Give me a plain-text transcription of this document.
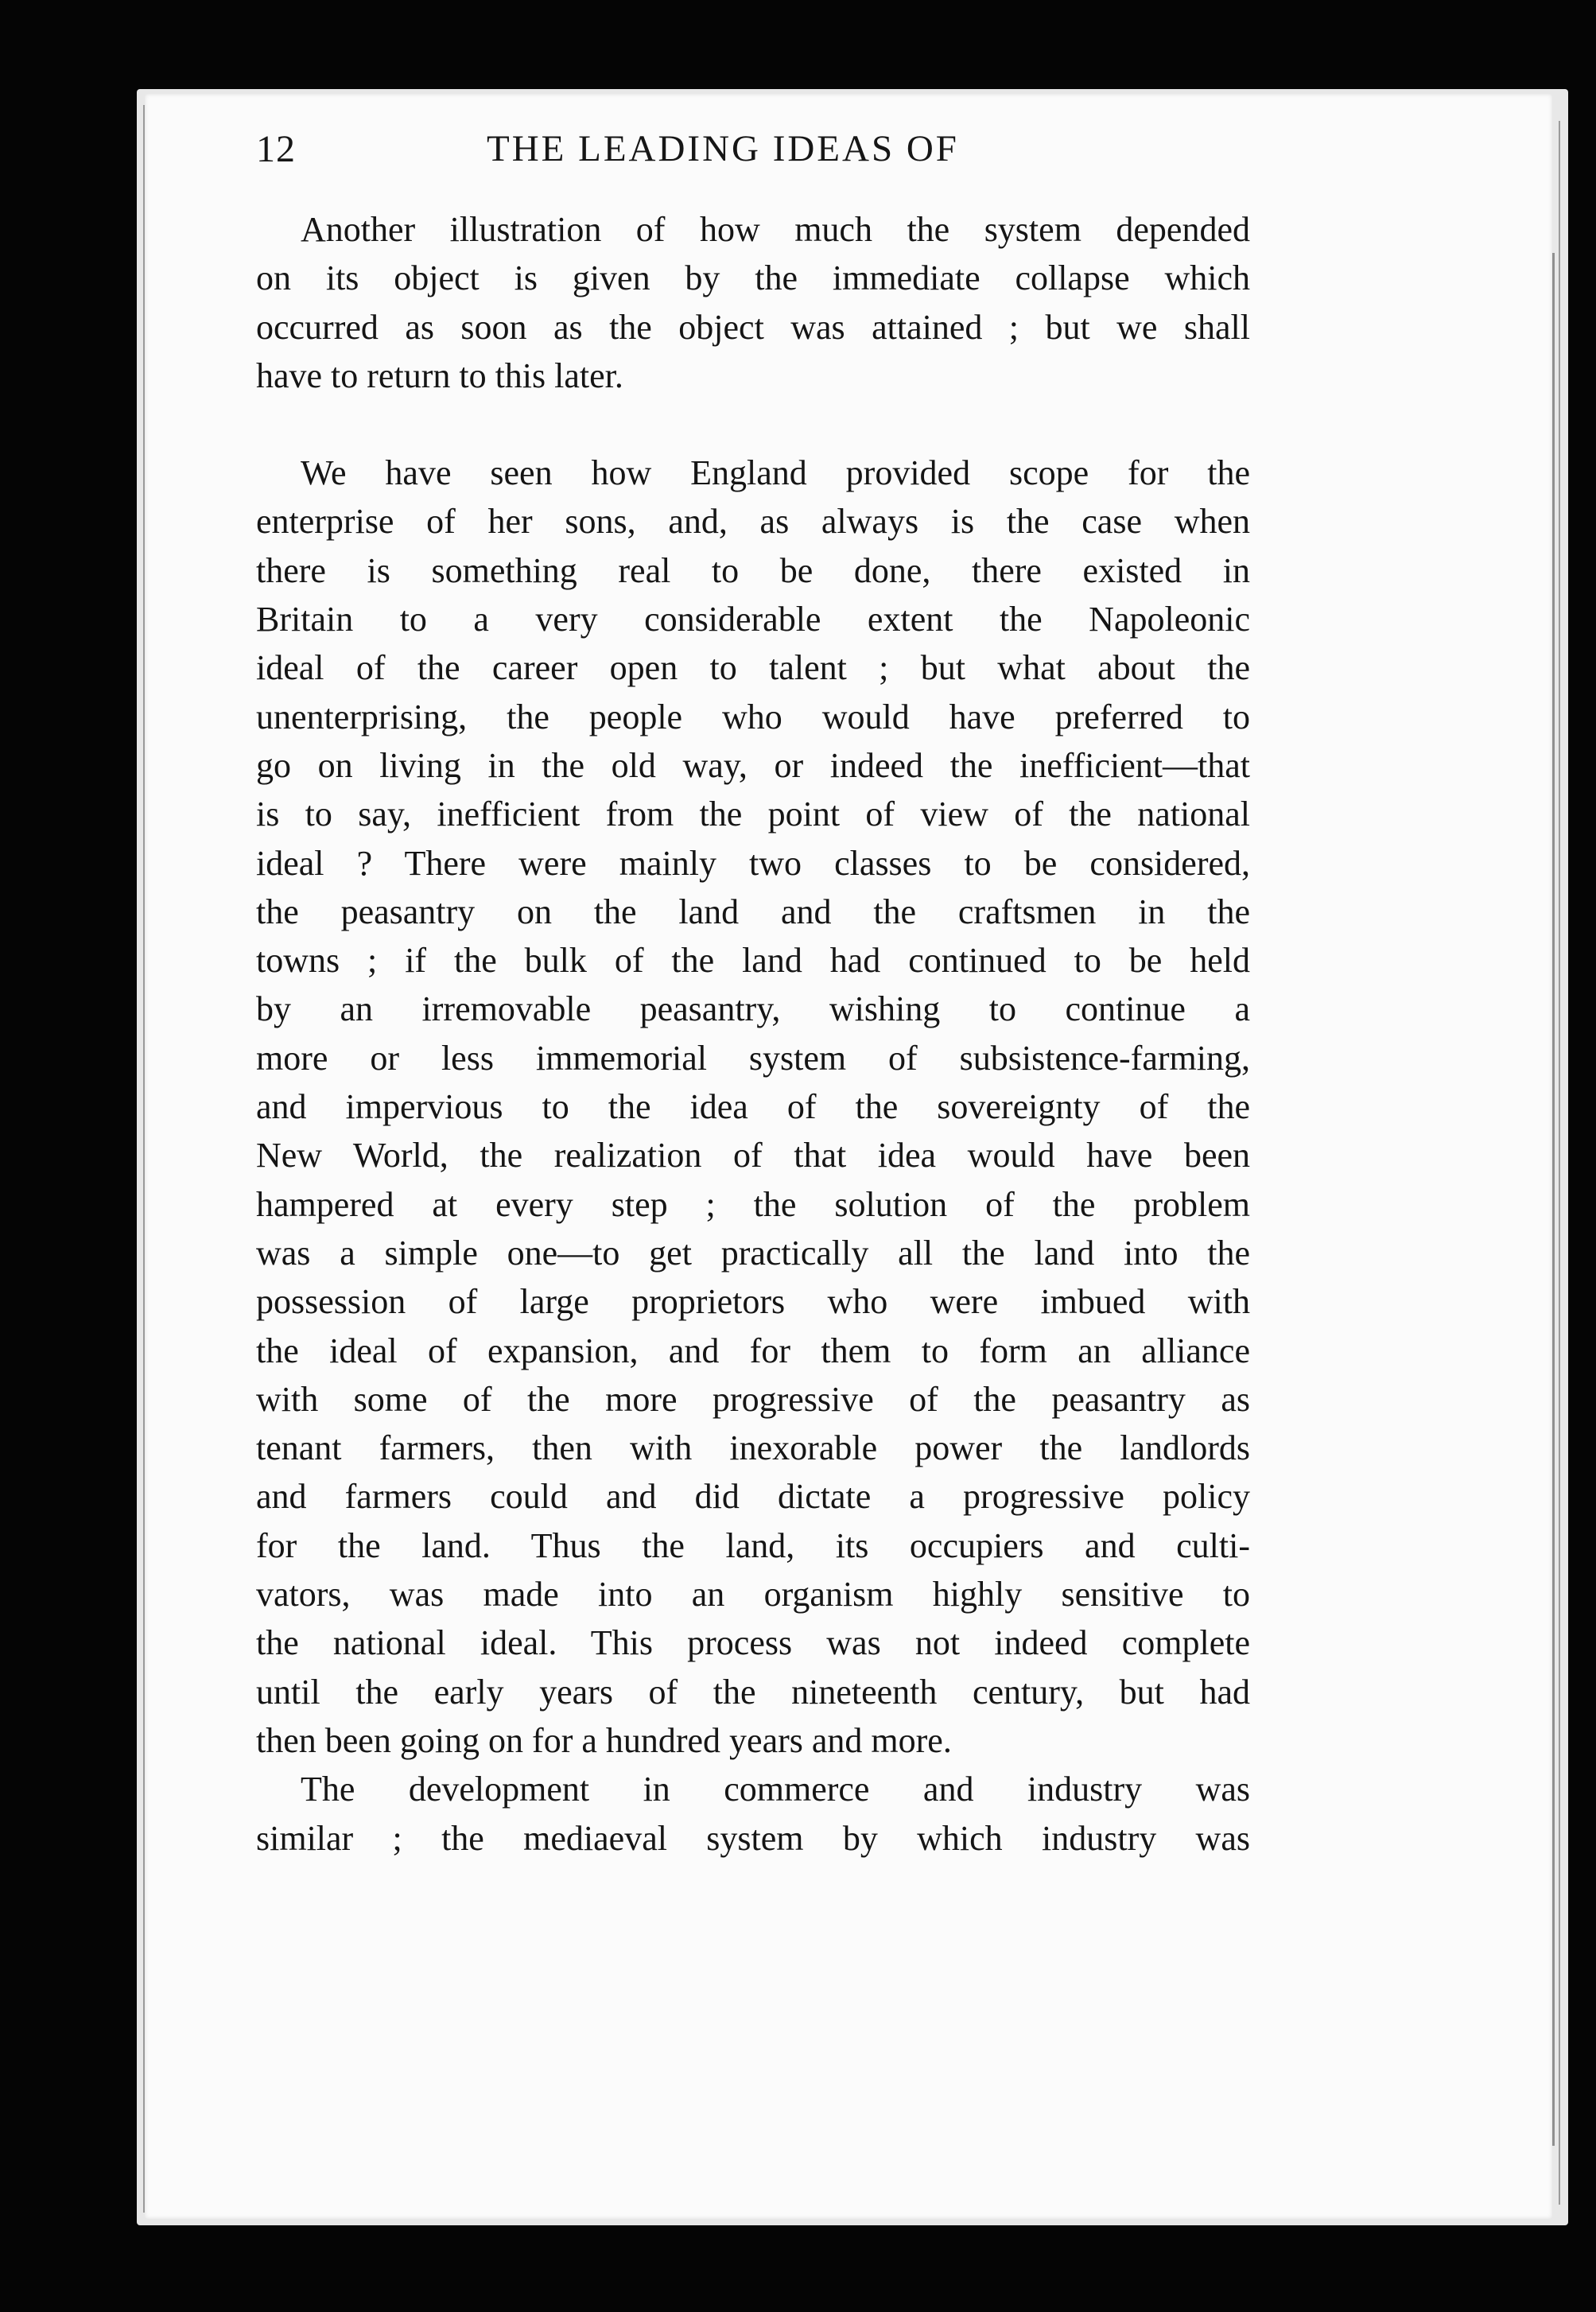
12	THE LEADING IDEAS OF
Another illustration of how much the system depended
on its object is given by the immediate collapse which
occurred as soon as the object was attained ; but we shall
have to return to this later.
We have seen how England provided scope for the
enterprise of her sons, and, as always is the case when
there is something real to be done, there existed in
Britain to a very considerable extent the Napoleonic
ideal of the career open to talent ; but what about the
unenterprising, the people who would have preferred to
go on living in the old way, or indeed the inefficient—that
is to say, inefficient from the point of view of the national
ideal ? There were mainly two classes to be considered,
the peasantry on the land and the craftsmen in the
towns ; if the bulk of the land had continued to be held
by an irremovable peasantry, wishing to continue a
more or less immemorial system of subsistence-farming,
and impervious to the idea of the sovereignty of the
New World, the realization of that idea would have been
hampered at every step ; the solution of the problem
was a simple one—to get practically all the land into the
possession of large proprietors who were imbued with
the ideal of expansion, and for them to form an alliance
with some of the more progressive of the peasantry as
tenant farmers, then with inexorable power the landlords
and farmers could and did dictate a progressive policy
for the land. Thus the land, its occupiers and culti-
vators, was made into an organism highly sensitive to
the national ideal. This process was not indeed complete
until the early years of the nineteenth century, but had
then been going on for a hundred years and more.
The development in commerce and industry was
similar ; the mediaeval system by which industry was
